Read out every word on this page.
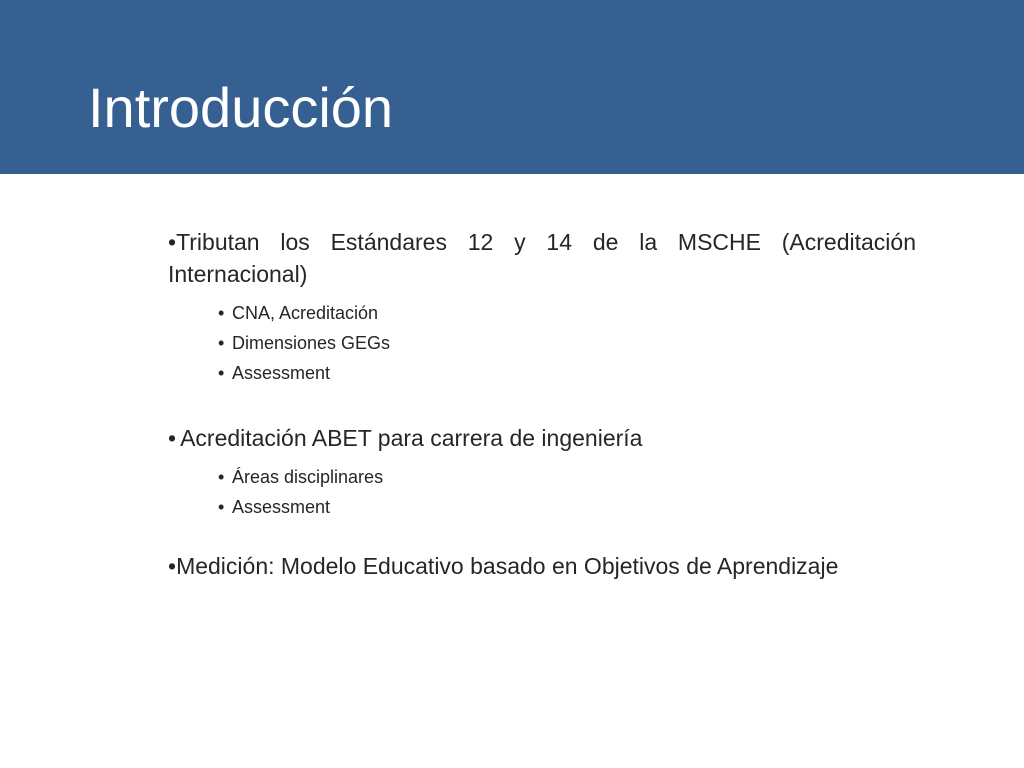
Introducción

•Tributan los Estándares 12 y 14 de la MSCHE (Acreditación Internacional)

• CNA, Acreditación
• Dimensiones GEGs
• Assessment

• Acreditación ABET para carrera de ingeniería

• Áreas disciplinares
• Assessment

•Medición: Modelo Educativo basado en Objetivos de Aprendizaje
